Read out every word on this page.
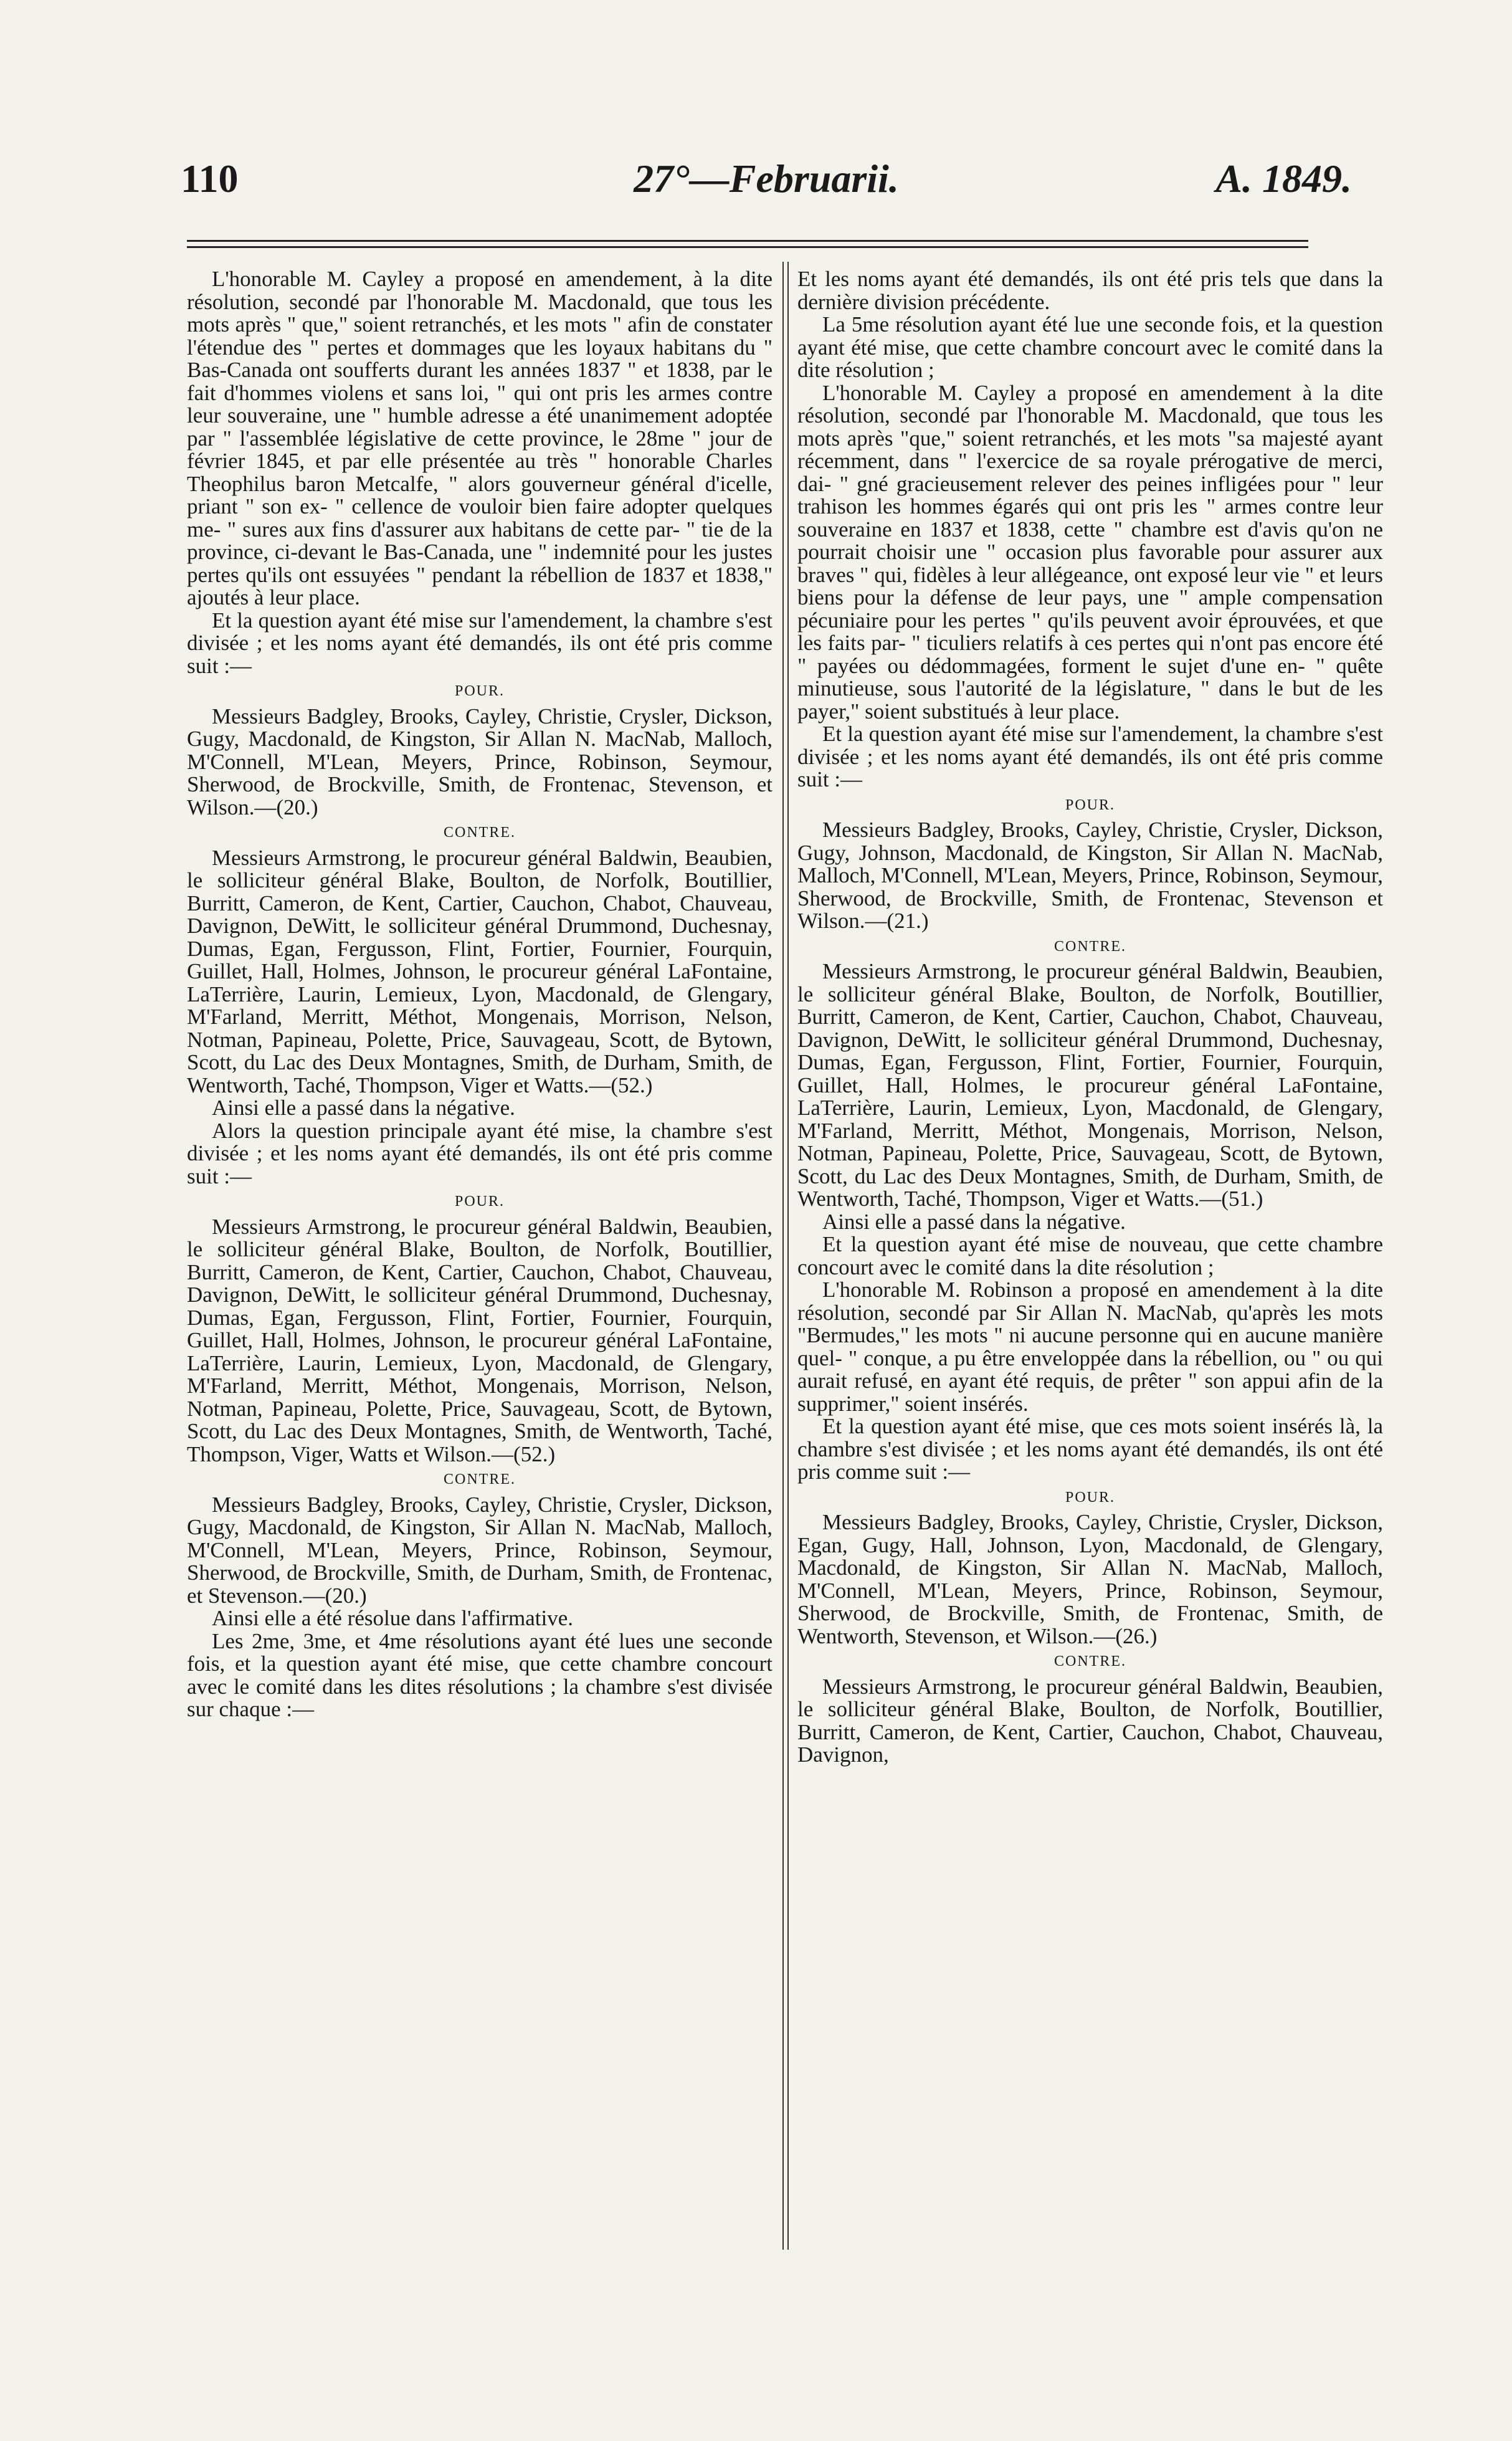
110	27°—Februarii.	A. 1849.

L'honorable M. Cayley a proposé en amendement, à la dite résolution, secondé par l'honorable M. Macdonald, que tous les mots après " que," soient retranchés, et les mots " afin de constater l'étendue des " pertes et dommages que les loyaux habitans du " Bas-Canada ont soufferts durant les années 1837 " et 1838, par le fait d'hommes violens et sans loi, " qui ont pris les armes contre leur souveraine, une " humble adresse a été unanimement adoptée par " l'assemblée législative de cette province, le 28me " jour de février 1845, et par elle présentée au très " honorable Charles Theophilus baron Metcalfe, " alors gouverneur général d'icelle, priant " son ex- " cellence de vouloir bien faire adopter quelques me- " sures aux fins d'assurer aux habitans de cette par- " tie de la province, ci-devant le Bas-Canada, une " indemnité pour les justes pertes qu'ils ont essuyées " pendant la rébellion de 1837 et 1838," ajoutés à leur place.

Et la question ayant été mise sur l'amendement, la chambre s'est divisée ; et les noms ayant été demandés, ils ont été pris comme suit :—

POUR.

Messieurs Badgley, Brooks, Cayley, Christie, Crysler, Dickson, Gugy, Macdonald, de Kingston, Sir Allan N. MacNab, Malloch, M'Connell, M'Lean, Meyers, Prince, Robinson, Seymour, Sherwood, de Brockville, Smith, de Frontenac, Stevenson, et Wilson.—(20.)

CONTRE.

Messieurs Armstrong, le procureur général Baldwin, Beaubien, le solliciteur général Blake, Boulton, de Norfolk, Boutillier, Burritt, Cameron, de Kent, Cartier, Cauchon, Chabot, Chauveau, Davignon, DeWitt, le solliciteur général Drummond, Duchesnay, Dumas, Egan, Fergusson, Flint, Fortier, Fournier, Fourquin, Guillet, Hall, Holmes, Johnson, le procureur général LaFontaine, LaTerrière, Laurin, Lemieux, Lyon, Macdonald, de Glengary, M'Farland, Merritt, Méthot, Mongenais, Morrison, Nelson, Notman, Papineau, Polette, Price, Sauvageau, Scott, de Bytown, Scott, du Lac des Deux Montagnes, Smith, de Durham, Smith, de Wentworth, Taché, Thompson, Viger et Watts.—(52.)

Ainsi elle a passé dans la négative.

Alors la question principale ayant été mise, la chambre s'est divisée ; et les noms ayant été demandés, ils ont été pris comme suit :—

POUR.

Messieurs Armstrong, le procureur général Baldwin, Beaubien, le solliciteur général Blake, Boulton, de Norfolk, Boutillier, Burritt, Cameron, de Kent, Cartier, Cauchon, Chabot, Chauveau, Davignon, DeWitt, le solliciteur général Drummond, Duchesnay, Dumas, Egan, Fergusson, Flint, Fortier, Fournier, Fourquin, Guillet, Hall, Holmes, Johnson, le procureur général LaFontaine, LaTerrière, Laurin, Lemieux, Lyon, Macdonald, de Glengary, M'Farland, Merritt, Méthot, Mongenais, Morrison, Nelson, Notman, Papineau, Polette, Price, Sauvageau, Scott, de Bytown, Scott, du Lac des Deux Montagnes, Smith, de Wentworth, Taché, Thompson, Viger, Watts et Wilson.—(52.)

CONTRE.

Messieurs Badgley, Brooks, Cayley, Christie, Crysler, Dickson, Gugy, Macdonald, de Kingston, Sir Allan N. MacNab, Malloch, M'Connell, M'Lean, Meyers, Prince, Robinson, Seymour, Sherwood, de Brockville, Smith, de Durham, Smith, de Frontenac, et Stevenson.—(20.)

Ainsi elle a été résolue dans l'affirmative.

Les 2me, 3me, et 4me résolutions ayant été lues une seconde fois, et la question ayant été mise, que cette chambre concourt avec le comité dans les dites résolutions ; la chambre s'est divisée sur chaque :—

Et les noms ayant été demandés, ils ont été pris tels que dans la dernière division précédente.

La 5me résolution ayant été lue une seconde fois, et la question ayant été mise, que cette chambre concourt avec le comité dans la dite résolution ;

L'honorable M. Cayley a proposé en amendement à la dite résolution, secondé par l'honorable M. Macdonald, que tous les mots après "que," soient retranchés, et les mots "sa majesté ayant récemment, dans " l'exercice de sa royale prérogative de merci, dai- " gné gracieusement relever des peines infligées pour " leur trahison les hommes égarés qui ont pris les " armes contre leur souveraine en 1837 et 1838, cette " chambre est d'avis qu'on ne pourrait choisir une " occasion plus favorable pour assurer aux braves " qui, fidèles à leur allégeance, ont exposé leur vie " et leurs biens pour la défense de leur pays, une " ample compensation pécuniaire pour les pertes " qu'ils peuvent avoir éprouvées, et que les faits par- " ticuliers relatifs à ces pertes qui n'ont pas encore été " payées ou dédommagées, forment le sujet d'une en- " quête minutieuse, sous l'autorité de la législature, " dans le but de les payer," soient substitués à leur place.

Et la question ayant été mise sur l'amendement, la chambre s'est divisée ; et les noms ayant été demandés, ils ont été pris comme suit :—

POUR.

Messieurs Badgley, Brooks, Cayley, Christie, Crysler, Dickson, Gugy, Johnson, Macdonald, de Kingston, Sir Allan N. MacNab, Malloch, M'Connell, M'Lean, Meyers, Prince, Robinson, Seymour, Sherwood, de Brockville, Smith, de Frontenac, Stevenson et Wilson.—(21.)

CONTRE.

Messieurs Armstrong, le procureur général Baldwin, Beaubien, le solliciteur général Blake, Boulton, de Norfolk, Boutillier, Burritt, Cameron, de Kent, Cartier, Cauchon, Chabot, Chauveau, Davignon, DeWitt, le solliciteur général Drummond, Duchesnay, Dumas, Egan, Fergusson, Flint, Fortier, Fournier, Fourquin, Guillet, Hall, Holmes, le procureur général LaFontaine, LaTerrière, Laurin, Lemieux, Lyon, Macdonald, de Glengary, M'Farland, Merritt, Méthot, Mongenais, Morrison, Nelson, Notman, Papineau, Polette, Price, Sauvageau, Scott, de Bytown, Scott, du Lac des Deux Montagnes, Smith, de Durham, Smith, de Wentworth, Taché, Thompson, Viger et Watts.—(51.)

Ainsi elle a passé dans la négative.

Et la question ayant été mise de nouveau, que cette chambre concourt avec le comité dans la dite résolution ;

L'honorable M. Robinson a proposé en amendement à la dite résolution, secondé par Sir Allan N. MacNab, qu'après les mots "Bermudes," les mots " ni aucune personne qui en aucune manière quel- " conque, a pu être enveloppée dans la rébellion, ou " ou qui aurait refusé, en ayant été requis, de prêter " son appui afin de la supprimer," soient insérés.

Et la question ayant été mise, que ces mots soient insérés là, la chambre s'est divisée ; et les noms ayant été demandés, ils ont été pris comme suit :—

POUR.

Messieurs Badgley, Brooks, Cayley, Christie, Crysler, Dickson, Egan, Gugy, Hall, Johnson, Lyon, Macdonald, de Glengary, Macdonald, de Kingston, Sir Allan N. MacNab, Malloch, M'Connell, M'Lean, Meyers, Prince, Robinson, Seymour, Sherwood, de Brockville, Smith, de Frontenac, Smith, de Wentworth, Stevenson, et Wilson.—(26.)

CONTRE.

Messieurs Armstrong, le procureur général Baldwin, Beaubien, le solliciteur général Blake, Boulton, de Norfolk, Boutillier, Burritt, Cameron, de Kent, Cartier, Cauchon, Chabot, Chauveau, Davignon,
